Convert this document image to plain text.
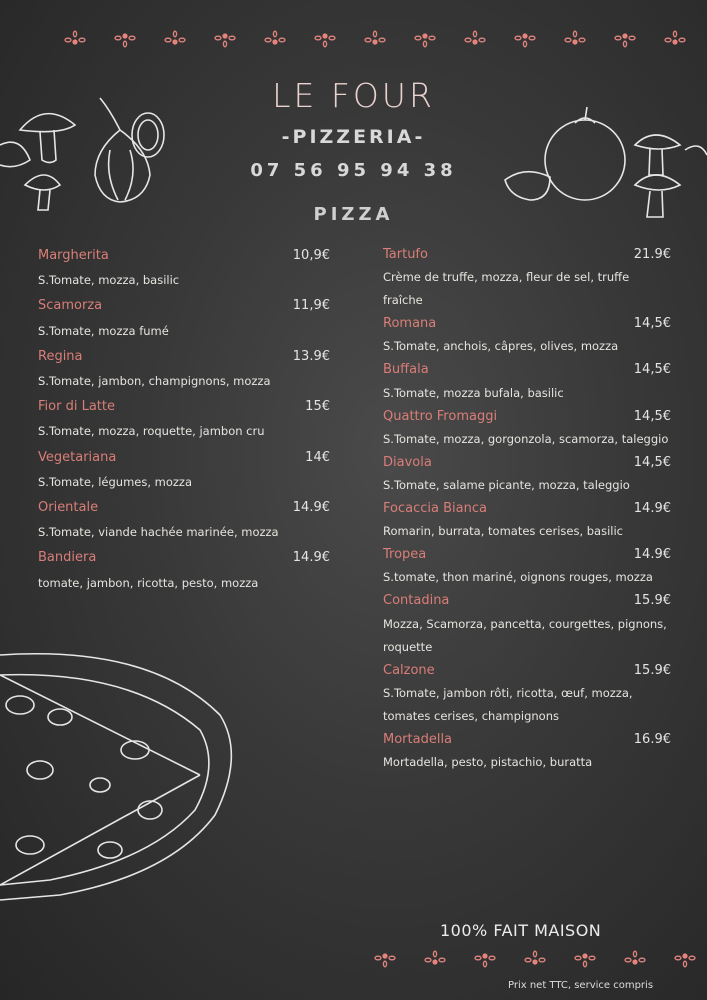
LE FOUR
-PIZZERIA-
07 56 95 94 38
PIZZA
Margherita	10,9€
S.Tomate, mozza, basilic
Scamorza	11,9€
S.Tomate, mozza fumé
Regina	13.9€
S.Tomate, jambon, champignons, mozza
Fior di Latte	15€
S.Tomate, mozza, roquette, jambon cru
Vegetariana	14€
S.Tomate, légumes, mozza
Orientale	14.9€
S.Tomate, viande hachée marinée, mozza
Bandiera	14.9€
tomate, jambon, ricotta, pesto, mozza
Tartufo	21.9€
Crème de truffe, mozza, fleur de sel, truffe fraîche
Romana	14,5€
S.Tomate, anchois, câpres, olives, mozza
Buffala	14,5€
S.Tomate, mozza bufala, basilic
Quattro Fromaggi	14,5€
S.Tomate, mozza, gorgonzola, scamorza, taleggio
Diavola	14,5€
S.Tomate, salame picante, mozza, taleggio
Focaccia Bianca	14.9€
Romarin, burrata, tomates cerises, basilic
Tropea	14.9€
S.tomate, thon mariné, oignons rouges, mozza
Contadina	15.9€
Mozza, Scamorza, pancetta, courgettes, pignons, roquette
Calzone	15.9€
S.Tomate, jambon rôti, ricotta, œuf, mozza, tomates cerises, champignons
Mortadella	16.9€
Mortadella, pesto, pistachio, buratta
100% FAIT MAISON
Prix net TTC, service compris
